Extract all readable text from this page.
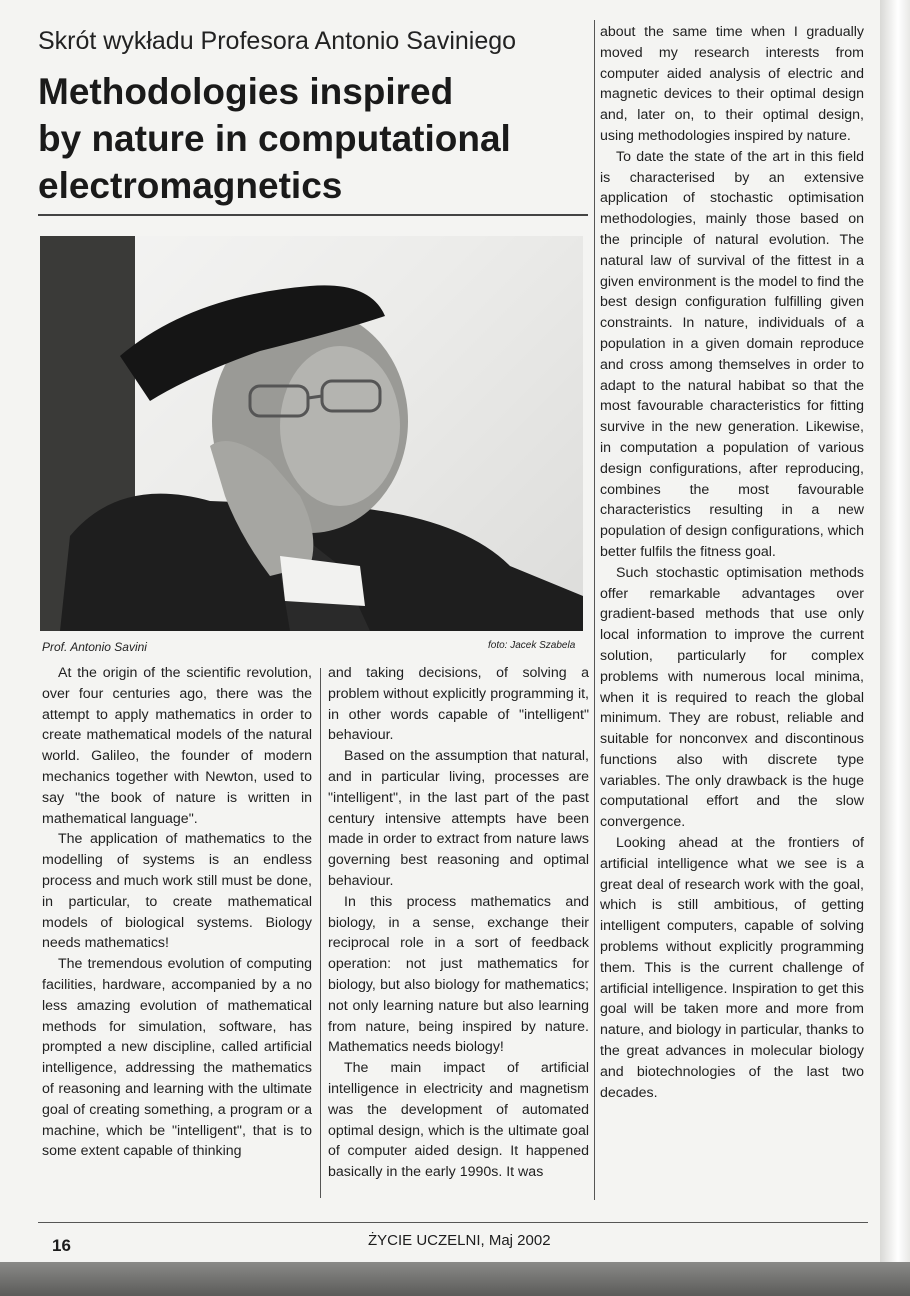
Skrót wykładu Profesora Antonio Saviniego
Methodologies inspired
by nature in computational
electromagnetics
Prof. Antonio Savini	foto: Jacek Szabela

At the origin of the scientific revolution, over four centuries ago, there was the attempt to apply mathematics in order to create mathematical models of the natural world. Galileo, the founder of modern mechanics together with Newton, used to say "the book of nature is written in mathematical language".

The application of mathematics to the modelling of systems is an endless process and much work still must be done, in particular, to create mathematical models of biological systems. Biology needs mathematics!

The tremendous evolution of computing facilities, hardware, accompanied by a no less amazing evolution of mathematical methods for simulation, software, has prompted a new discipline, called artificial intelligence, addressing the mathematics of reasoning and learning with the ultimate goal of creating something, a program or a machine, which be "intelligent", that is to some extent capable of thinking

and taking decisions, of solving a problem without explicitly programming it, in other words capable of "intelligent" behaviour.

Based on the assumption that natural, and in particular living, processes are "intelligent", in the last part of the past century intensive attempts have been made in order to extract from nature laws governing best reasoning and optimal behaviour.

In this process mathematics and biology, in a sense, exchange their reciprocal role in a sort of feedback operation: not just mathematics for biology, but also biology for mathematics; not only learning nature but also learning from nature, being inspired by nature. Mathematics needs biology!

The main impact of artificial intelligence in electricity and magnetism was the development of automated optimal design, which is the ultimate goal of computer aided design. It happened basically in the early 1990s. It was

about the same time when I gradually moved my research interests from computer aided analysis of electric and magnetic devices to their optimal design and, later on, to their optimal design, using methodologies inspired by nature.

To date the state of the art in this field is characterised by an extensive application of stochastic optimisation methodologies, mainly those based on the principle of natural evolution. The natural law of survival of the fittest in a given environment is the model to find the best design configuration fulfilling given constraints. In nature, individuals of a population in a given domain reproduce and cross among themselves in order to adapt to the natural habibat so that the most favourable characteristics for fitting survive in the new generation. Likewise, in computation a population of various design configurations, after reproducing, combines the most favourable characteristics resulting in a new population of design configurations, which better fulfils the fitness goal.

Such stochastic optimisation methods offer remarkable advantages over gradient-based methods that use only local information to improve the current solution, particularly for complex problems with numerous local minima, when it is required to reach the global minimum. They are robust, reliable and suitable for nonconvex and discontinous functions also with discrete type variables. The only drawback is the huge computational effort and the slow convergence.

Looking ahead at the frontiers of artificial intelligence what we see is a great deal of research work with the goal, which is still ambitious, of getting intelligent computers, capable of solving problems without explicitly programming them. This is the current challenge of artificial intelligence. Inspiration to get this goal will be taken more and more from nature, and biology in particular, thanks to the great advances in molecular biology and biotechnologies of the last two decades.

16	ŻYCIE UCZELNI, Maj 2002
